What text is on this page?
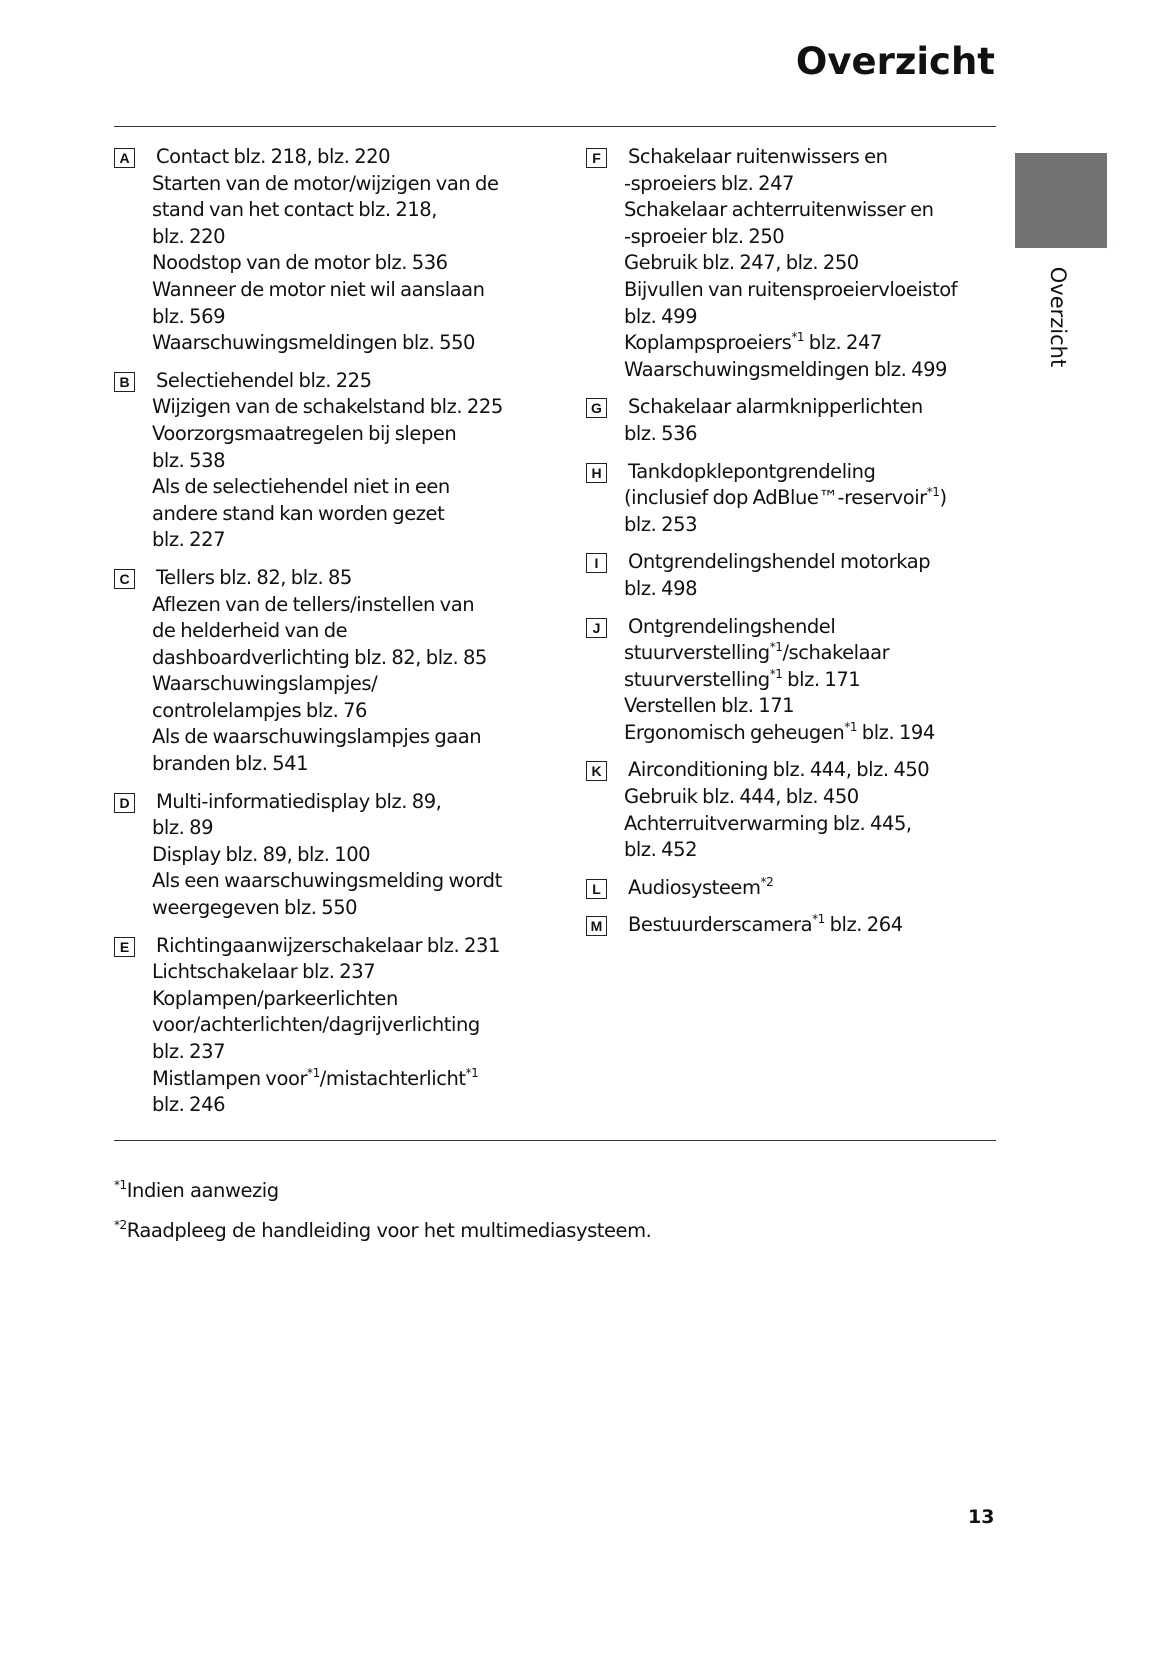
Overzicht
Overzicht
A Contact blz. 218, blz. 220
Starten van de motor/wijzigen van de
stand van het contact blz. 218,
blz. 220
Noodstop van de motor blz. 536
Wanneer de motor niet wil aanslaan
blz. 569
Waarschuwingsmeldingen blz. 550
B Selectiehendel blz. 225
Wijzigen van de schakelstand blz. 225
Voorzorgsmaatregelen bij slepen
blz. 538
Als de selectiehendel niet in een
andere stand kan worden gezet
blz. 227
C Tellers blz. 82, blz. 85
Aflezen van de tellers/instellen van
de helderheid van de
dashboardverlichting blz. 82, blz. 85
Waarschuwingslampjes/
controlelampjes blz. 76
Als de waarschuwingslampjes gaan
branden blz. 541
D Multi-informatiedisplay blz. 89,
blz. 89
Display blz. 89, blz. 100
Als een waarschuwingsmelding wordt
weergegeven blz. 550
E Richtingaanwijzerschakelaar blz. 231
Lichtschakelaar blz. 237
Koplampen/parkeerlichten
voor/achterlichten/dagrijverlichting
blz. 237
Mistlampen voor$^{*1}$/mistachterlicht$^{*1}$
blz. 246
F	Schakelaar ruitenwissers en
-sproeiers blz. 247
Schakelaar achterruitenwisser en
-sproeier blz. 250
Gebruik blz. 247, blz. 250
Bijvullen van ruitensproeiervloeistof
blz. 499
Koplampsproeiers$^{*1}$ blz. 247
Waarschuwingsmeldingen blz. 499
G Schakelaar alarmknipperlichten
blz. 536
H Tankdopklepontgrendeling
(inclusief dop AdBlue™-reservoir$^{*1}$)
blz. 253
I	Ontgrendelingshendel motorkap
blz. 498
J	Ontgrendelingshendel
stuurverstelling$^{*1}$/schakelaar
stuurverstelling$^{*1}$ blz. 171
Verstellen blz. 171
Ergonomisch geheugen$^{*1}$ blz. 194
K Airconditioning blz. 444, blz. 450
Gebruik blz. 444, blz. 450
Achterruitverwarming blz. 445,
blz. 452
L	Audiosysteem$^{*2}$
M Bestuurderscamera$^{*1}$ blz. 264
$^{*1}$Indien aanwezig
$^{*2}$Raadpleeg de handleiding voor het multimediasysteem.
13
